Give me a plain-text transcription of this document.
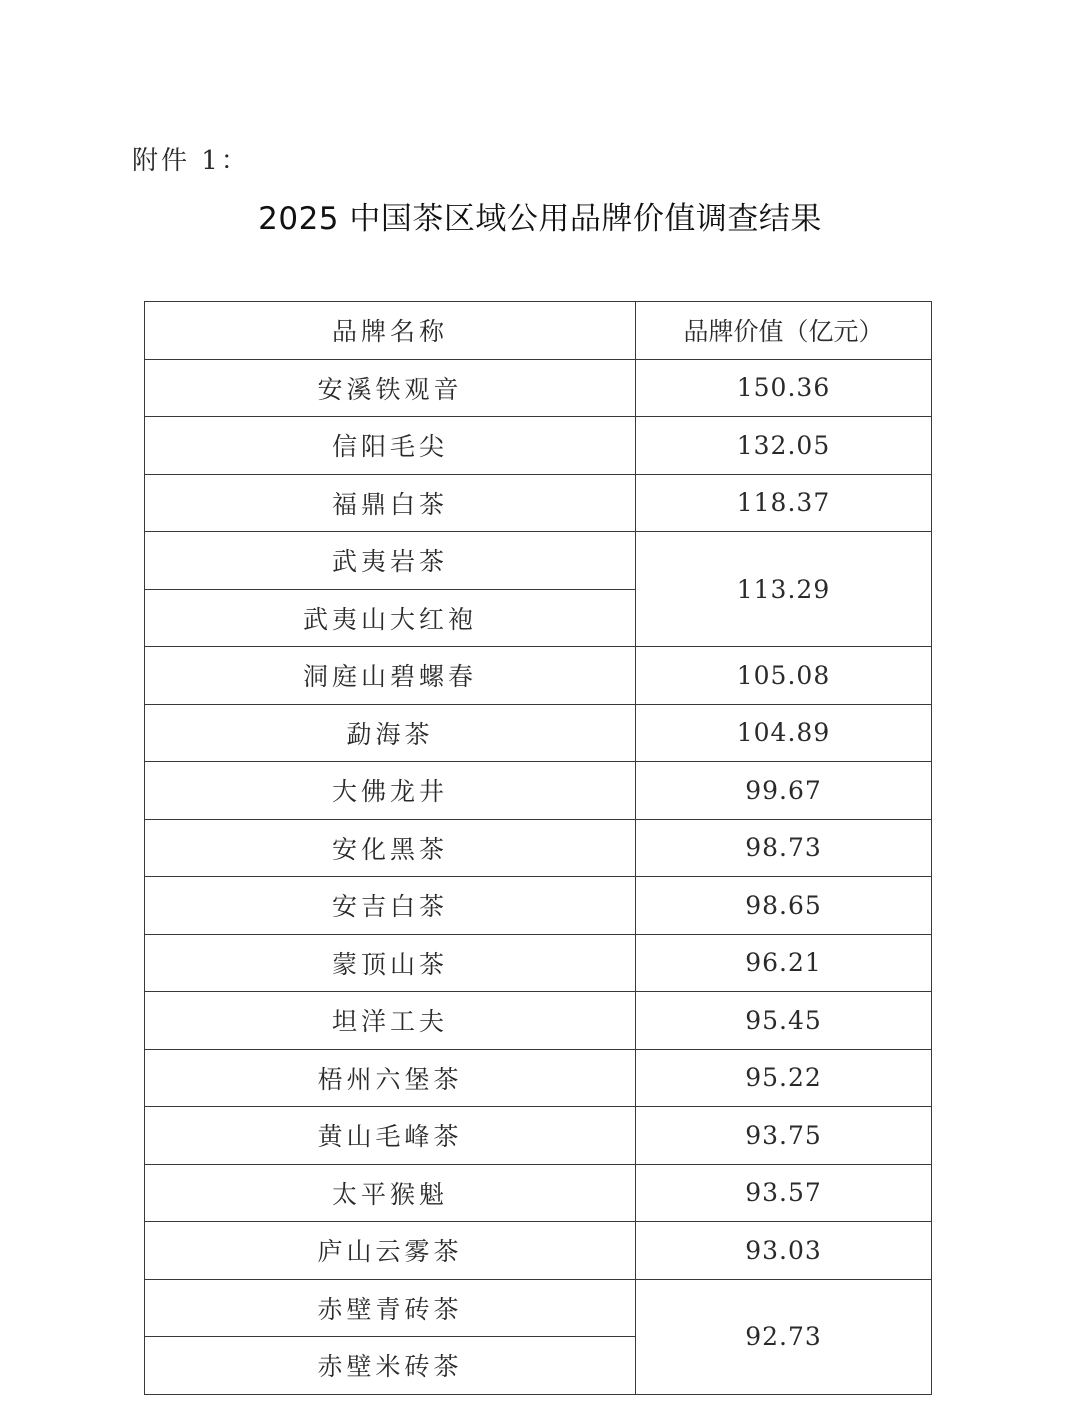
附件 1：
2025 中国茶区域公用品牌价值调查结果
品牌名称	品牌价值（亿元）
安溪铁观音	150.36
信阳毛尖	132.05
福鼎白茶	118.37
武夷岩茶	113.29
武夷山大红袍	
洞庭山碧螺春	105.08
勐海茶	104.89
大佛龙井	99.67
安化黑茶	98.73
安吉白茶	98.65
蒙顶山茶	96.21
坦洋工夫	95.45
梧州六堡茶	95.22
黄山毛峰茶	93.75
太平猴魁	93.57
庐山云雾茶	93.03
赤壁青砖茶	92.73
赤壁米砖茶	
